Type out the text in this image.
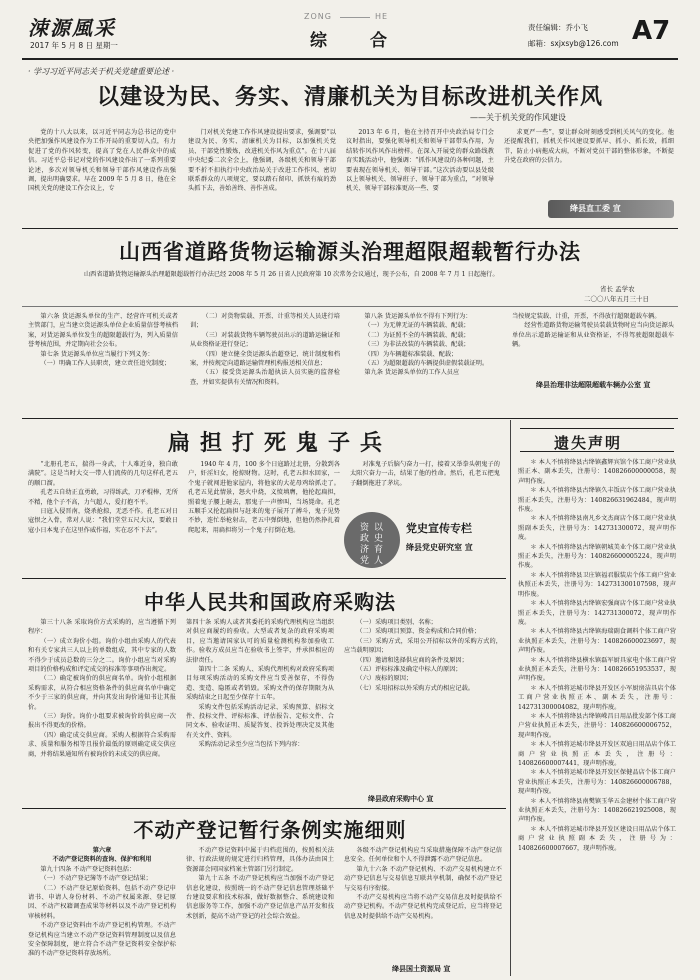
涑源風采
2017 年 5 月 8 日 星期一
ZONG	HE
综	合
责任编辑：乔小飞
邮箱：sxjxsyb@126.com A7
· 学习习近平同志关于机关党建重要论述 ·
以建设为民、务实、清廉机关为目标改进机关作风
——关于机关党的作风建设

党的十八大以来，以习近平同志为总书记的党中央把加强作风建设作为工作开局的重要切入点，有力促进了党的作风转变，提高了党在人民群众中的威信。习近平总书记对党的作风建设作出了一系列重要论述，多次对领导机关和领导干部作风建设作出强调，提出明确要求。早在 2009 年 5 月 8 日，他在全国机关党的建设工作会议上，专

门对机关党建工作作风建设提出要求，强调要“以建设为民、务实、清廉机关为目标，以加强机关党员、干部党性锻炼，改进机关作风为重点”。在十八届中央纪委二次全会上，他强调，各级机关和领导干部要不折不扣执行中央政治局关于改进工作作风、密切联系群众的八项规定，要以踏石留印、抓铁有痕的劲头抓下去，善始善终、善作善成。

2013 年 6 月，他在主持召开中央政治局专门会议时指出，要强化领导机关和领导干部带头作用，为结转作风作风作出榜样。在深入开展党的群众路线教育实践活动中，他强调：“抓作风建设的各种问题，主要表现在领导机关、领导干部。”这次活动要以县处级以上领导机关、领导班子、领导干部为重点，“对领导机关、领导干部标准更高一些、要

求更严一些”，要让群众时刻感受到机关风气的变化。他还提醒我们，抓机关作风建设要抓早、抓小、抓长效，抓细节，防止小病拖成大病，不断对党员干部的整体形象，不断提升党在政府的公信力。

绛县直工委 宣
山西省道路货物运输源头治理超限超载暂行办法
山西省道路货物运输源头治理超限超载暂行办法已经 2008 年 5 月 26 日省人民政府第 10 次常务会议通过，现予公布，自 2008 年 7 月 1 日起施行。
省长 孟学农
二〇〇八年五月三十日

第六条 货运源头单位的生产、经营许可机关或者主管部门，应当建立货运源头单位企业质量信誉考核档案，对货运源头单位发生的超限超载行为，列入质量信誉考核范围，并定期向社会公布。

第七条 货运源头单位应当履行下列义务：

（一）明确工作人员职责，建立责任追究制度；

（二）对货物装载、开票、计重等相关人员进行培训；

（三）对装载货物车辆驾驶员出示的道路运输证和从业资格证进行登记；

（四）建立健全货运源头治超登记、统计制度和档案，并按规定向道路运输管理机构报送相关信息；

（五）接受货运源头治超执法人员实施的监督检查，并如实提供有关情况和资料。

第八条 货运源头单位不得有下列行为：

（一）为无牌无证的车辆装载、配载；

（二）为证照不全的车辆装载、配载；

（三）为非法改装的车辆装载、配载；

（四）为车辆超标准装载、配载；

（五）为超限超载的车辆提供虚假装载证明。

第九条 货运源头单位的工作人员应

当按规定装载、计重，开票，不得放行超限超载车辆。

经营性道路货物运输驾驶员装载货物时应当向货运源头单位出示道路运输证和从业资格证，不得驾驶超限超载车辆。

绛县治理非法超限超载车辆办公室 宣
扁担打死鬼子兵

“北册孔老五，揣得一身武，十人难近身，独自敢满院”。这是当时大交一带人们流传的几句这样孔老五的顺口溜。

孔老五自幼正直勇敢，习得练武，刀矛棍棒，无所不精，他个子不高，力气超人，爱打抱不平。

日寇入侵晋南，烧杀抢掠，无恶不作。孔老五对日寇恨之入骨，常对人说：“我们堂堂五尺大汉，要敢日寇小日本鬼子在这里作威作福，实在忍不下去”。

1940 年 4 月，100 多个日寇路过北册，分散到各户，奸淫妇女，抢掠财物。这时，孔老五担水回家，一个鬼子就闯进他家屋内，将他家的大花母鸡给抓走了。孔老五见此情景，怒火中烧，义愤填膺，他抡起扁担，照着鬼子腰上砸去，那鬼子一声惨叫，当场毙命。孔老五顺手又抡起扁担与赶来的鬼子展开了搏斗，鬼子见势不妙，连忙举枪射击，老五中弹倒地，但他仍然挣扎着爬起来，用扁担将另一个鬼子打倒在地。

对准鬼子后脑勺奋力一打，接着又举拳头朝鬼子的太阳穴奋力一击，结果了他的性命。然后，孔老五把鬼子翻倒拖进了茅坑。

以
史
育
人
资
政
济
党
党史宣传专栏
绛县党史研究室 宣
中华人民共和国政府采购法

第三十八条 采取询价方式采购的，应当遵循下列程序：

（一）成立询价小组。询价小组由采购人的代表和有关专家共三人以上的单数组成，其中专家的人数不得少于成员总数的三分之二。询价小组应当对采购项目的价格构成和评定成交的标准等事项作出规定。

（二）确定被询价的供应商名单。询价小组根据采购需求，从符合相应资格条件的供应商名单中确定不少于三家的供应商，并向其发出询价通知书让其报价。

（三）询价。询价小组要求被询价的供应商一次报出不得更改的价格。

（四）确定成交供应商。采购人根据符合采购需求、质量和服务相等且报价最低的原则确定成交供应商，并将结果通知所有被询价的未成交的供应商。

第四十条 采购人或者其委托的采购代理机构应当组织对供应商履约的验收。大型或者复杂的政府采购项目，应当邀请国家认可的质量检测机构参加验收工作。验收方成员应当在验收书上签字，并承担相应的法律责任。

第四十二条 采购人、采购代理机构对政府采购项目每项采购活动的采购文件应当妥善保存，不得伪造、变造、隐匿或者销毁。采购文件的保存期限为从采购结束之日起至少保存十五年。

采购文件包括采购活动记录、采购预算、招标文件、投标文件、评标标准、评估报告、定标文件、合同文本、验收证明、质疑答复、投诉处理决定及其他有关文件、资料。

采购活动记录至少应当包括下列内容：

（一）采购项目类别、名称；

（二）采购项目预算、资金构成和合同价格；

（三）采购方式，采用公开招标以外的采购方式的，应当载明原因；

（四）邀请和选择供应商的条件及原因；

（五）评标标准及确定中标人的原因；

（六）废标的原因；

（七）采用招标以外采购方式的相应记载。

绛县政府采购中心 宣
不动产登记暂行条例实施细则
第六章
不动产登记资料的查询、保护和利用

第九十四条 不动产登记资料包括：

（一）不动产登记簿等不动产登记结果；

（二）不动产登记原始资料，包括不动产登记申请书、申请人身份材料、不动产权属来源、登记原因、不动产权籍调查成果等材料以及不动产登记机构审核材料。

不动产登记资料由不动产登记机构管理。不动产登记机构应当建立不动产登记资料管理制度以及信息安全保障制度，建立符合不动产登记资料安全保护标准的不动产登记资料存放场所。

不动产登记资料中属于归档范围的，按照相关法律、行政法规的规定进行归档管理，具体办法由国土资源部会同国家档案主管部门另行制定。

第九十五条 不动产登记机构应当加强不动产登记信息化建设，按照统一的不动产登记信息管理基础平台建设要求和技术标准，做好数据整合、系统建设和信息服务等工作，加强不动产登记信息产品开发和技术创新，提高不动产登记的社会综合效益。

各级不动产登记机构应当采取措施保障不动产登记信息安全。任何单位和个人不得泄露不动产登记信息。

第九十六条 不动产登记机构、不动产交易机构建立不动产登记信息与交易信息互联共享机制，确保不动产登记与交易有序衔接。

不动产交易机构应当将不动产交易信息及时提供给不动产登记机构。不动产登记机构完成登记后，应当将登记信息及时提供给不动产交易机构。

绛县国土资源局 宣
遗失声明

＊ 本人不慎将绛县古绛镇鑫辉宾馆个体工商户营业执照正本、副本丢失，注册号：140826600000058，现声明作废。

＊ 本人不慎将绛县古绛镇久丰饭店个体工商户营业执照正本丢失，注册号为：140826631962484，现声明作废。

＊ 本人不慎将绛县南凡乡文杰商店个体工商户营业执照副本丢失，注册号为：142731300072，现声明作废。

＊ 本人不慎将绛县古绛镇朝城美业个体工商户营业执照正本丢失，注册号为：140826600005224，现声明作废。

＊ 本人不慎将绛县卫庄镇福君服装店个体工商户营业执照正本丢失，注册号为：142731300107598，现声明作废。

＊ 本人不慎将绛县古绛镇宏强商店个体工商户营业执照正本丢失，注册号为：142731300072，现声明作废。

＊ 本人不慎将绛县古绛镇海瑞副食调料个体工商户营业执照正本丢失，注册号为：140826600023697，现声明作废。

＊ 本人不慎将绛县横水镇磊军厨具家电个体工商户营业执照正本丢失，注册号为：140826651953537，现声明作废。

＊ 本人不慎将运城市绛县开发区小军厨房洁具店个体工商户营业执照正本、副本丢失，注册号：142731300004082，现声明作废。

＊ 本人不慎将绛县古绛镇嵘昌日用品批发部个体工商户营业执照正本丢失，注册号：140826600006752，现声明作废。

＊ 本人不慎将运城市绛县开发区双迪日用品店个体工商户营业执照正本丢失，注册号：140826600007441，现声明作废。

＊ 本人不慎将运城市绛县开发区保健品店个体工商户营业执照正本丢失，注册号为：140826600006788，现声明作废。

＊ 本人不慎将绛县南樊镇玉华五金建材个体工商户营业执照正本丢失，注册号为：140826621925008，现声明作废。

＊ 本人不慎将运城市绛县开发区建设日用品店个体工商户营业执照副本丢失，注册号为：140826600007667，现声明作废。
